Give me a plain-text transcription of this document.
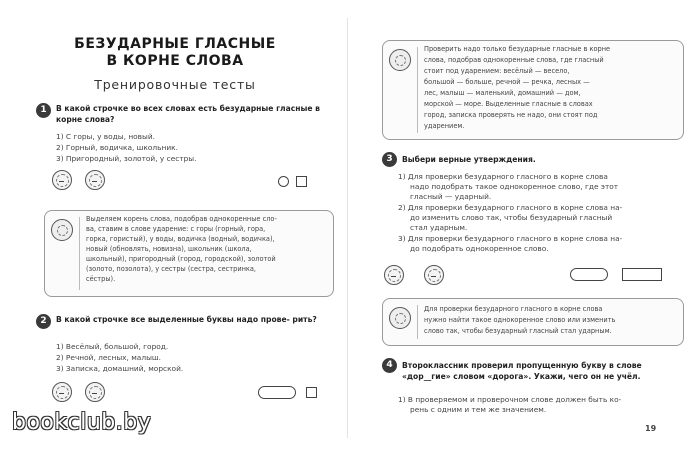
БЕЗУДАРНЫЕ ГЛАСНЫЕ
В КОРНЕ СЛОВА
Тренировочные тесты
1	В какой строчке во всех словах есть безударные гласные в корне слова?
1) С горы, у воды, новый.
2) Горный, водичка, школьник.
3) Пригородный, золотой, у сестры.
Выделяем корень слова, подобрав однокоренные сло-
ва, ставим в слове ударение: с горы (горный, гора,
горка, гористый), у воды, водичка (водный, водичка),
новый (обновлять, новизна), школьник (школа,
школьный), пригородный (город, городской), золотой
(золото, позолота), у сестры (сестра, сестринка,
сёстры).
2	В какой строчке все выделенные буквы надо прове- рить?
1) Весёлый, большой, город.
2) Речной, лесных, малыш.
3) Записка, домашний, морской.
Проверить надо только безударные гласные в корне
слова, подобрав однокоренные слова, где гласный
стоит под ударением: весёлый — весело,
большой — больше, речной — речка, лесных —
лес, малыш — маленький, домашний — дом,
морской — море. Выделенные гласные в словах
город, записка проверять не надо, они стоят под
ударением.
3	Выбери верные утверждения.
1) Для проверки безударного гласного в корне слова
надо подобрать такое однокоренное слово, где этот
гласный — ударный.
2) Для проверки безударного гласного в корне слова на-
до изменить слово так, чтобы безударный гласный
стал ударным.
3) Для проверки безударного гласного в корне слова на-
до подобрать однокоренное слово.
Для проверки безударного гласного в корне слова
нужно найти такое однокоренное слово или изменить
слово так, чтобы безударный гласный стал ударным.
4	Второклассник проверил пропущенную букву в слове «дор__гие» словом «дорога». Укажи, чего он не учёл.
1) В проверяемом и проверочном слове должен быть ко-
рень с одним и тем же значением.
19
bookclub.by
